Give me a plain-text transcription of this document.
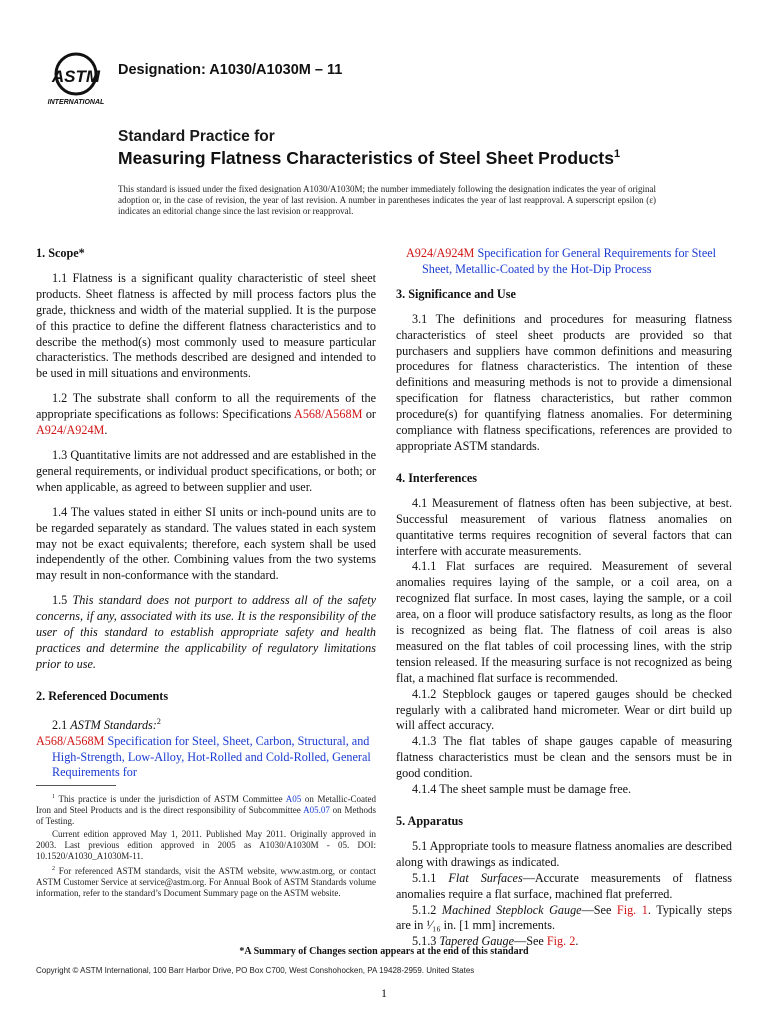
ASTM
INTERNATIONAL
Designation: A1030/A1030M – 11
Standard Practice for
Measuring Flatness Characteristics of Steel Sheet Products$^1$
This standard is issued under the fixed designation A1030/A1030M; the number immediately following the designation indicates the year of original adoption or, in the case of revision, the year of last revision. A number in parentheses indicates the year of last reapproval. A superscript epsilon (ε) indicates an editorial change since the last revision or reapproval.
1. Scope*

1.1 Flatness is a significant quality characteristic of steel sheet products. Sheet flatness is affected by mill process factors plus the grade, thickness and width of the material supplied. It is the purpose of this practice to define the different flatness characteristics and to describe the method(s) most commonly used to measure particular characteristics. The methods described are designed and intended to be used in mill situations and environments.

1.2 The substrate shall conform to all the requirements of the appropriate specifications as follows: Specifications A568/A568M or A924/A924M.

1.3 Quantitative limits are not addressed and are established in the general requirements, or individual product specifications, or both; or when applicable, as agreed to between supplier and user.

1.4 The values stated in either SI units or inch-pound units are to be regarded separately as standard. The values stated in each system may not be exact equivalents; therefore, each system shall be used independently of the other. Combining values from the two systems may result in non-conformance with the standard.

1.5 This standard does not purport to address all of the safety concerns, if any, associated with its use. It is the responsibility of the user of this standard to establish appropriate safety and health practices and determine the applicability of regulatory limitations prior to use.

2. Referenced Documents

2.1 ASTM Standards:$^2$

A568/A568M Specification for Steel, Sheet, Carbon, Structural, and High-Strength, Low-Alloy, Hot-Rolled and Cold-Rolled, General Requirements for

A924/A924M Specification for General Requirements for Steel Sheet, Metallic-Coated by the Hot-Dip Process

3. Significance and Use

3.1 The definitions and procedures for measuring flatness characteristics of steel sheet products are provided so that purchasers and suppliers have common definitions and measuring procedures for flatness characteristics. The intention of these definitions and measuring methods is not to provide a dimensional specification for flatness characteristics, but rather common procedure(s) for quantifying flatness anomalies. For determining compliance with flatness specifications, references are provided to appropriate ASTM standards.

4. Interferences

4.1 Measurement of flatness often has been subjective, at best. Successful measurement of various flatness anomalies on quantitative terms requires recognition of several factors that can interfere with accurate measurements.

4.1.1 Flat surfaces are required. Measurement of several anomalies requires laying of the sample, or a coil area, on a recognized flat surface. In most cases, laying the sample, or a coil area, on a floor will produce satisfactory results, as long as the floor is recognized as being flat. The flatness of coil areas is also measured on the flat tables of coil processing lines, with the strip tension released. If the measuring surface is not recognized as being flat, a machined flat surface is recommended.

4.1.2 Stepblock gauges or tapered gauges should be checked regularly with a calibrated hand micrometer. Wear or dirt build up will affect accuracy.

4.1.3 The flat tables of shape gauges capable of measuring flatness characteristics must be clean and the sensors must be in good condition.

4.1.4 The sheet sample must be damage free.

5. Apparatus

5.1 Appropriate tools to measure flatness anomalies are described along with drawings as indicated.

5.1.1 Flat Surfaces—Accurate measurements of flatness anomalies require a flat surface, machined flat preferred.

5.1.2 Machined Stepblock Gauge—See Fig. 1. Typically steps are in ¹⁄₁₆ in. [1 mm] increments.

5.1.3 Tapered Gauge—See Fig. 2.

$^1$ This practice is under the jurisdiction of ASTM Committee A05 on Metallic-Coated Iron and Steel Products and is the direct responsibility of Subcommittee A05.07 on Methods of Testing.

Current edition approved May 1, 2011. Published May 2011. Originally approved in 2003. Last previous edition approved in 2005 as A1030/A1030M - 05. DOI: 10.1520/A1030_A1030M-11.

$^2$ For referenced ASTM standards, visit the ASTM website, www.astm.org, or contact ASTM Customer Service at service@astm.org. For Annual Book of ASTM Standards volume information, refer to the standard’s Document Summary page on the ASTM website.

*A Summary of Changes section appears at the end of this standard
Copyright © ASTM International, 100 Barr Harbor Drive, PO Box C700, West Conshohocken, PA 19428-2959. United States
1
